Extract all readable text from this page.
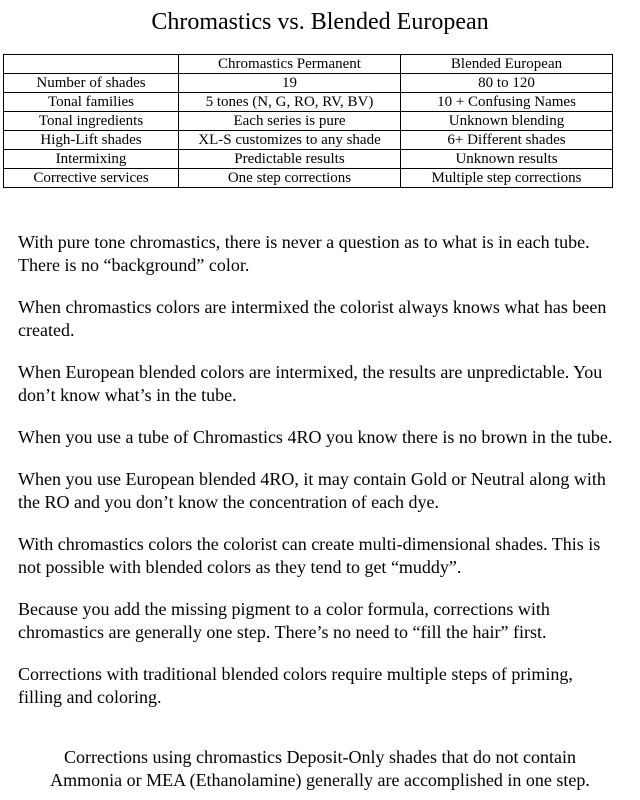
Chromastics vs. Blended European
	Chromastics Permanent	Blended European
Number of shades	19	80 to 120
Tonal families	5 tones (N, G, RO, RV, BV)	10 + Confusing Names
Tonal ingredients	Each series is pure	Unknown blending
High-Lift shades	XL-S customizes to any shade	6+ Different shades
Intermixing	Predictable results	Unknown results
Corrective services	One step corrections	Multiple step corrections

With pure tone chromastics, there is never a question as to what is in each tube. There is no “background” color.

When chromastics colors are intermixed the colorist always knows what has been created.

When European blended colors are intermixed, the results are unpredictable. You don’t know what’s in the tube.

When you use a tube of Chromastics 4RO you know there is no brown in the tube.

When you use European blended 4RO, it may contain Gold or Neutral along with the RO and you don’t know the concentration of each dye.

With chromastics colors the colorist can create multi-dimensional shades. This is not possible with blended colors as they tend to get “muddy”.

Because you add the missing pigment to a color formula, corrections with chromastics are generally one step. There’s no need to “fill the hair” first.

Corrections with traditional blended colors require multiple steps of priming, filling and coloring.

Corrections using chromastics Deposit-Only shades that do not contain
Ammonia or MEA (Ethanolamine) generally are accomplished in one step.
